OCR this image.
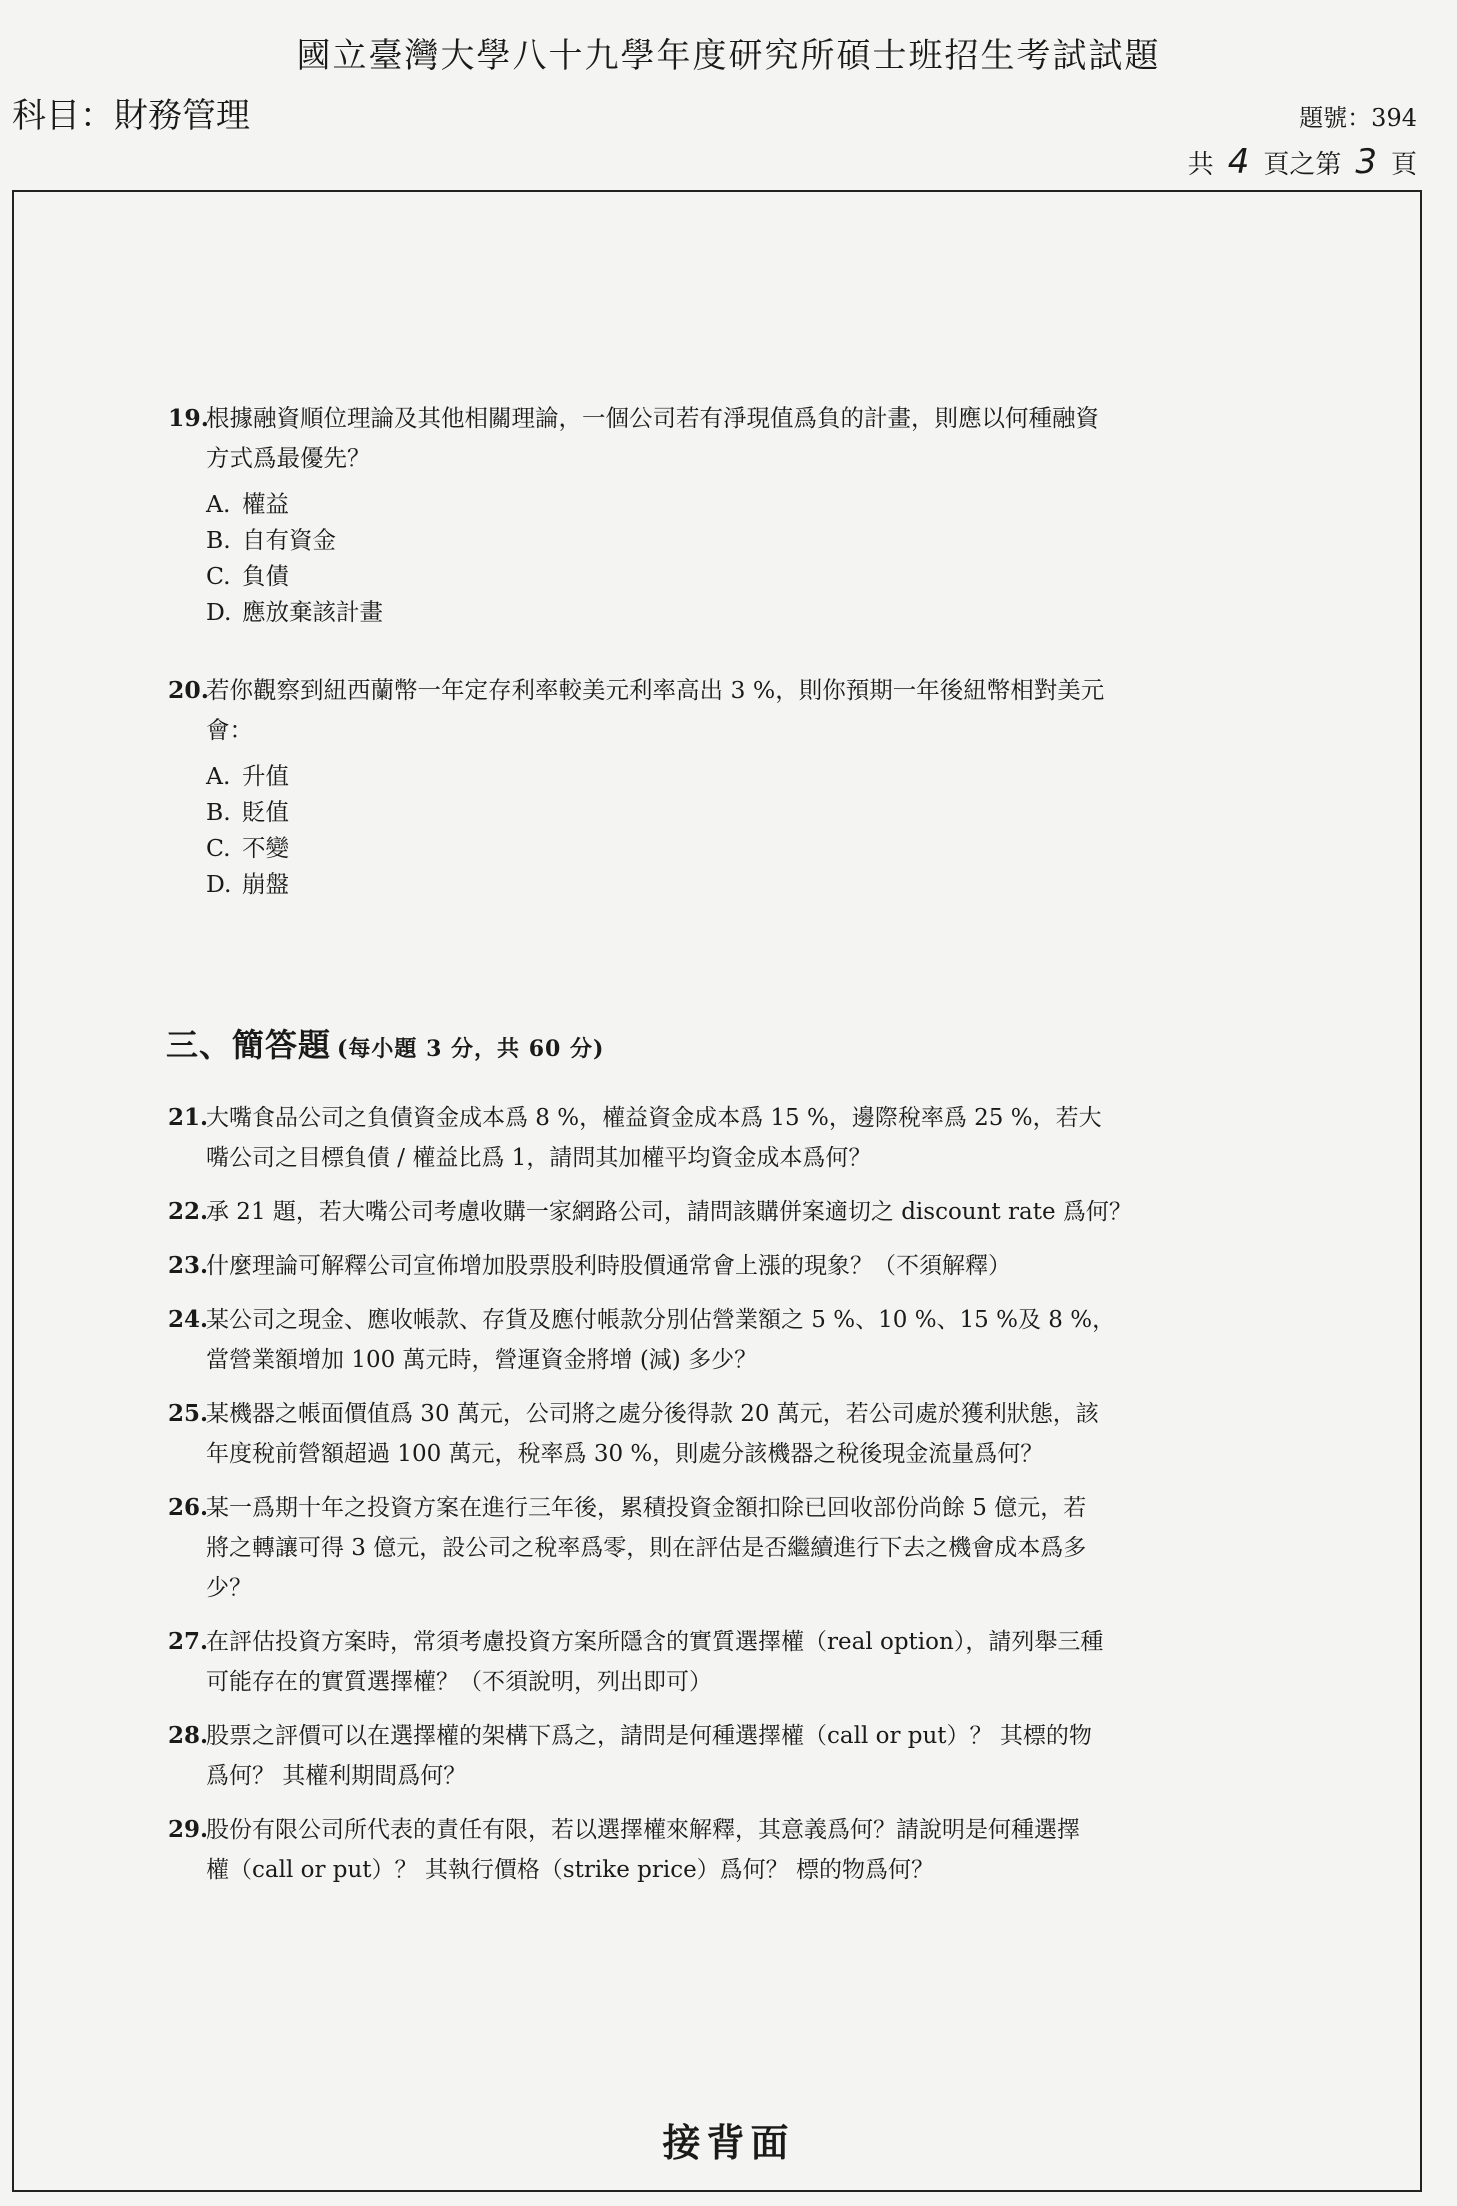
國立臺灣大學八十九學年度研究所碩士班招生考試試題
科目：財務管理	題號：394
共 4 頁之第 3 頁
19.根據融資順位理論及其他相關理論，一個公司若有淨現值爲負的計畫，則應以何種融資
方式爲最優先？
A. 權益
B. 自有資金
C. 負債
D. 應放棄該計畫
20.若你觀察到紐西蘭幣一年定存利率較美元利率高出 3 %，則你預期一年後紐幣相對美元
會：
A. 升值
B. 貶值
C. 不變
D. 崩盤
三、簡答題 (每小題 3 分，共 60 分)
21.大嘴食品公司之負債資金成本爲 8 %，權益資金成本爲 15 %，邊際稅率爲 25 %，若大
嘴公司之目標負債 / 權益比爲 1，請問其加權平均資金成本爲何？
22.承 21 題，若大嘴公司考慮收購一家網路公司，請問該購併案適切之 discount rate 爲何？
23.什麼理論可解釋公司宣佈增加股票股利時股價通常會上漲的現象？（不須解釋）
24.某公司之現金、應收帳款、存貨及應付帳款分別佔營業額之 5 %、10 %、15 %及 8 %，
當營業額增加 100 萬元時，營運資金將增 (減) 多少？
25.某機器之帳面價值爲 30 萬元，公司將之處分後得款 20 萬元，若公司處於獲利狀態，該
年度稅前營額超過 100 萬元，稅率爲 30 %，則處分該機器之稅後現金流量爲何？
26.某一爲期十年之投資方案在進行三年後，累積投資金額扣除已回收部份尚餘 5 億元，若
將之轉讓可得 3 億元，設公司之稅率爲零，則在評估是否繼續進行下去之機會成本爲多
少？
27.在評估投資方案時，常須考慮投資方案所隱含的實質選擇權（real option），請列舉三種
可能存在的實質選擇權？（不須說明，列出即可）
28.股票之評價可以在選擇權的架構下爲之，請問是何種選擇權（call or put）？ 其標的物
爲何？ 其權利期間爲何？
29.股份有限公司所代表的責任有限，若以選擇權來解釋，其意義爲何？請說明是何種選擇
權（call or put）？ 其執行價格（strike price）爲何？ 標的物爲何？
接背面
